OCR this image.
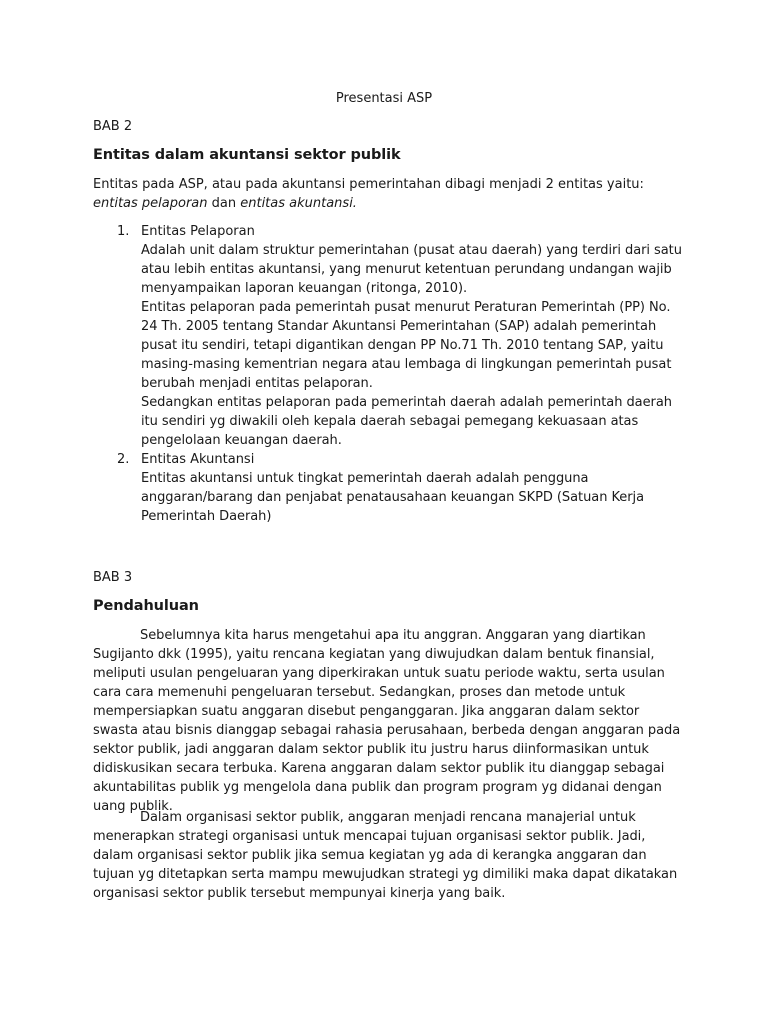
Presentasi ASP
BAB 2
Entitas dalam akuntansi sektor publik

Entitas pada ASP, atau pada akuntansi pemerintahan dibagi menjadi 2 entitas yaitu: entitas pelaporan dan entitas akuntansi.

1. Entitas Pelaporan
Adalah unit dalam struktur pemerintahan (pusat atau daerah) yang terdiri dari satu atau lebih entitas akuntansi, yang menurut ketentuan perundang undangan wajib menyampaikan laporan keuangan (ritonga, 2010).
Entitas pelaporan pada pemerintah pusat menurut Peraturan Pemerintah (PP) No. 24 Th. 2005 tentang Standar Akuntansi Pemerintahan (SAP) adalah pemerintah pusat itu sendiri, tetapi digantikan dengan PP No.71 Th. 2010 tentang SAP, yaitu masing-masing kementrian negara atau lembaga di lingkungan pemerintah pusat berubah menjadi entitas pelaporan.
Sedangkan entitas pelaporan pada pemerintah daerah adalah pemerintah daerah itu sendiri yg diwakili oleh kepala daerah sebagai pemegang kekuasaan atas pengelolaan keuangan daerah.
2. Entitas Akuntansi
Entitas akuntansi untuk tingkat pemerintah daerah adalah pengguna anggaran/barang dan penjabat penatausahaan keuangan SKPD (Satuan Kerja Pemerintah Daerah)
BAB 3
Pendahuluan

Sebelumnya kita harus mengetahui apa itu anggran. Anggaran yang diartikan Sugijanto dkk (1995), yaitu rencana kegiatan yang diwujudkan dalam bentuk finansial, meliputi usulan pengeluaran yang diperkirakan untuk suatu periode waktu, serta usulan cara cara memenuhi pengeluaran tersebut. Sedangkan, proses dan metode untuk mempersiapkan suatu anggaran disebut penganggaran. Jika anggaran dalam sektor swasta atau bisnis dianggap sebagai rahasia perusahaan, berbeda dengan anggaran pada sektor publik, jadi anggaran dalam sektor publik itu justru harus diinformasikan untuk didiskusikan secara terbuka. Karena anggaran dalam sektor publik itu dianggap sebagai akuntabilitas publik yg mengelola dana publik dan program program yg didanai dengan uang publik.

Dalam organisasi sektor publik, anggaran menjadi rencana manajerial untuk menerapkan strategi organisasi untuk mencapai tujuan organisasi sektor publik. Jadi, dalam organisasi sektor publik jika semua kegiatan yg ada di kerangka anggaran dan tujuan yg ditetapkan serta mampu mewujudkan strategi yg dimiliki maka dapat dikatakan organisasi sektor publik tersebut mempunyai kinerja yang baik.
